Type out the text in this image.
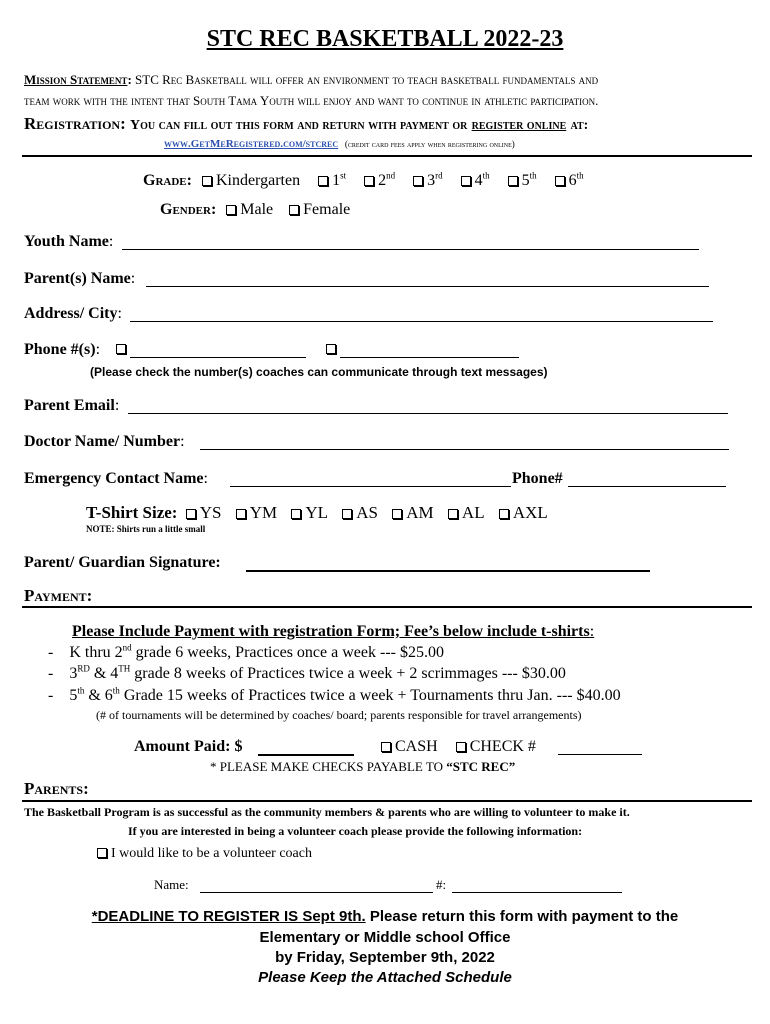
STC REC BASKETBALL 2022-23
Mission Statement: STC Rec Basketball will offer an environment to teach basketball fundamentals and
team work with the intent that South Tama Youth will enjoy and want to continue in athletic participation.
Registration: You can fill out this form and return with payment or register online at:
www.GetMeRegistered.com/stcrec (credit card fees apply when registering online)
Grade: Kindergarten 1st 2nd 3rd 4th 5th 6th
Gender: Male Female
Youth Name:
Parent(s) Name:
Address/ City:
Phone #(s):
(Please check the number(s) coaches can communicate through text messages)
Parent Email:
Doctor Name/ Number:
Emergency Contact Name:	Phone#
T-Shirt Size: YS YM YL AS AM AL AXL
NOTE: Shirts run a little small
Parent/ Guardian Signature:
Payment:
Please Include Payment with registration Form; Fee’s below include t-shirts:
-    K thru 2nd grade 6 weeks, Practices once a week --- $25.00
-    3RD & 4TH grade 8 weeks of Practices twice a week + 2 scrimmages --- $30.00
-    5th & 6th Grade 15 weeks of Practices twice a week + Tournaments thru Jan. --- $40.00
(# of tournaments will be determined by coaches/ board; parents responsible for travel arrangements)
Amount Paid: $	CASH CHECK #
* PLEASE MAKE CHECKS PAYABLE TO “STC REC”
Parents:
The Basketball Program is as successful as the community members & parents who are willing to volunteer to make it.
If you are interested in being a volunteer coach please provide the following information:
I would like to be a volunteer coach
Name:	#:
*DEADLINE TO REGISTER IS Sept 9th. Please return this form with payment to the
Elementary or Middle school Office
by Friday, September 9th, 2022
Please Keep the Attached Schedule
